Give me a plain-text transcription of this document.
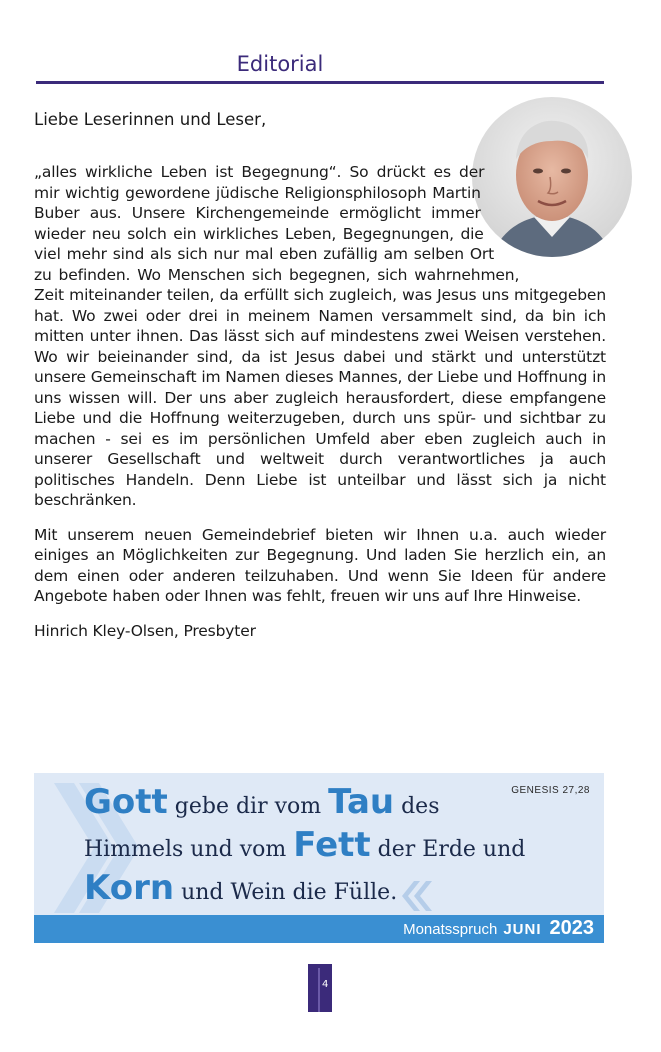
Editorial
Liebe Leserinnen und Leser,

„alles wirkliche Leben ist Begegnung“. So drückt es der mir wichtig gewordene jüdische Religionsphilosoph Martin Buber aus. Unsere Kirchengemeinde ermöglicht immer wieder neu solch ein wirkliches Leben, Begegnungen, die viel mehr sind als sich nur mal eben zufällig am selben Ort zu befinden. Wo Menschen sich begegnen, sich wahrnehmen, Zeit miteinander teilen, da erfüllt sich zugleich, was Jesus uns mitgegeben hat. Wo zwei oder drei in meinem Namen versammelt sind, da bin ich mitten unter ihnen. Das lässt sich auf mindestens zwei Weisen verstehen. Wo wir beieinander sind, da ist Jesus dabei und stärkt und unterstützt unsere Gemeinschaft im Namen dieses Mannes, der Liebe und Hoffnung in uns wissen will. Der uns aber zugleich herausfordert, diese empfangene Liebe und die Hoffnung weiterzugeben, durch uns spür- und sichtbar zu machen - sei es im persönlichen Umfeld aber eben zugleich auch in unserer Gesellschaft und weltweit durch verantwortliches ja auch politisches Handeln. Denn Liebe ist unteilbar und lässt sich ja nicht beschränken.

Mit unserem neuen Gemeindebrief bieten wir Ihnen u.a. auch wieder einiges an Möglichkeiten zur Begegnung. Und laden Sie herzlich ein, an dem einen oder anderen teilzuhaben. Und wenn Sie Ideen für andere Angebote haben oder Ihnen was fehlt, freuen wir uns auf Ihre Hinweise.

Hinrich Kley-Olsen, Presbyter

GENESIS 27,28
Gott gebe dir vom Tau des
Himmels und vom Fett der Erde und
Korn und Wein die Fülle.
Monatsspruch JUNI 2023
4
